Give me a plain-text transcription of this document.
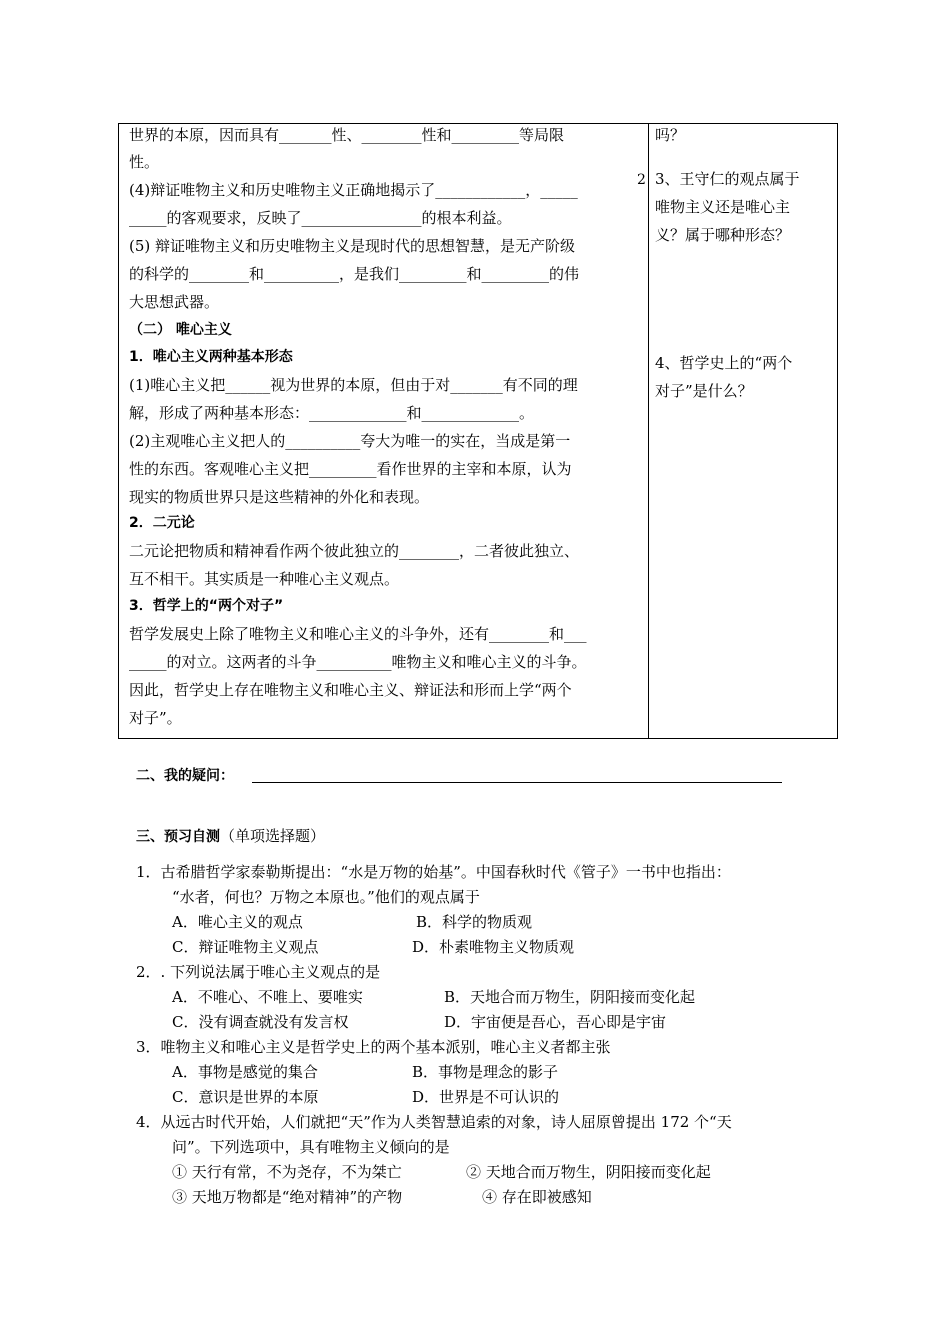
世界的本原，因而具有_______性、________性和_________等局限
性。
(4)辩证唯物主义和历史唯物主义正确地揭示了____________，_____
_____的客观要求，反映了________________的根本利益。
(5) 辩证唯物主义和历史唯物主义是现时代的思想智慧，是无产阶级
的科学的________和__________，是我们_________和_________的伟
大思想武器。
（二） 唯心主义
1．唯心主义两种基本形态
(1)唯心主义把______视为世界的本原，但由于对_______有不同的理
解，形成了两种基本形态：_____________和_____________。
(2)主观唯心主义把人的__________夸大为唯一的实在，当成是第一
性的东西。客观唯心主义把_________看作世界的主宰和本原，认为
现实的物质世界只是这些精神的外化和表现。
2．二元论
二元论把物质和精神看作两个彼此独立的________，二者彼此独立、
互不相干。其实质是一种唯心主义观点。
3．哲学上的“两个对子”
哲学发展史上除了唯物主义和唯心主义的斗争外，还有________和___
_____的对立。这两者的斗争__________唯物主义和唯心主义的斗争。
因此，哲学史上存在唯物主义和唯心主义、辩证法和形而上学“两个
对子”。
2
吗？
3、王守仁的观点属于
唯物主义还是唯心主
义？属于哪种形态？
4、哲学史上的“两个
对子”是什么？
二、我的疑问：
三、预习自测（单项选择题）
1．古希腊哲学家泰勒斯提出：“水是万物的始基”。中国春秋时代《管子》一书中也指出：
“水者，何也？万物之本原也。”他们的观点属于
A．唯心主义的观点	B．科学的物质观
C．辩证唯物主义观点	D．朴素唯物主义物质观
2．. 下列说法属于唯心主义观点的是
A．不唯心、不唯上、要唯实	B．天地合而万物生，阴阳接而变化起
C．没有调查就没有发言权	D．宇宙便是吾心，吾心即是宇宙
3．唯物主义和唯心主义是哲学史上的两个基本派别，唯心主义者都主张
A．事物是感觉的集合	B．事物是理念的影子
C．意识是世界的本原	D．世界是不可认识的
4．从远古时代开始，人们就把“天”作为人类智慧追索的对象，诗人屈原曾提出 172 个“天
问”。下列选项中，具有唯物主义倾向的是
① 天行有常，不为尧存，不为桀亡	② 天地合而万物生，阴阳接而变化起
③ 天地万物都是“绝对精神”的产物	④ 存在即被感知
